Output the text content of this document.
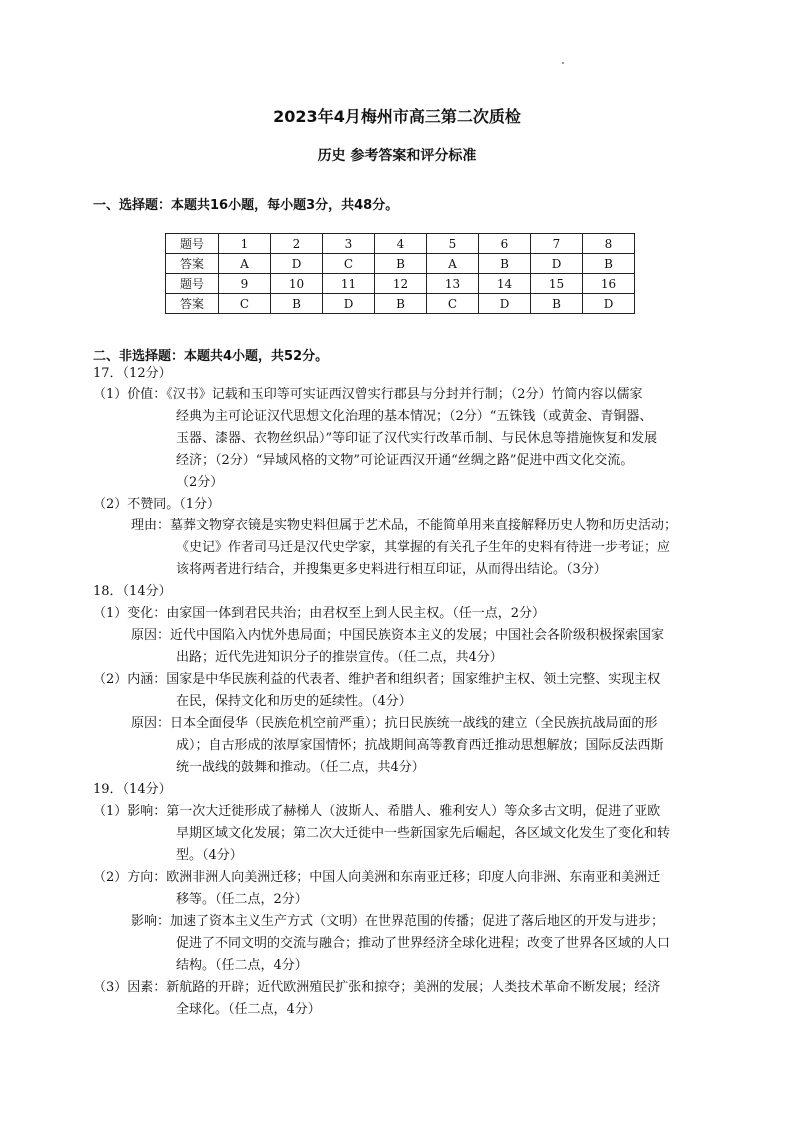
2023年4月梅州市高三第二次质检
历史 参考答案和评分标准
一、选择题：本题共16小题，每小题3分，共48分。
题号	1	2	3	4	5	6	7	8
答案	A	D	C	B	A	B	D	B
题号	9	10	11	12	13	14	15	16
答案	C	B	D	B	C	D	B	D
二、非选择题：本题共4小题，共52分。
17．（12分）
（1）价值：《汉书》记载和玉印等可实证西汉曾实行郡县与分封并行制；（2分）竹简内容以儒家
经典为主可论证汉代思想文化治理的基本情况；（2分）“五铢钱（或黄金、青铜器、
玉器、漆器、衣物丝织品）”等印证了汉代实行改革币制、与民休息等措施恢复和发展
经济；（2分）“异域风格的文物”可论证西汉开通“丝绸之路”促进中西文化交流。
（2分）
（2）不赞同。（1分）
理由：墓葬文物穿衣镜是实物史料但属于艺术品，不能简单用来直接解释历史人物和历史活动；
《史记》作者司马迁是汉代史学家，其掌握的有关孔子生年的史料有待进一步考证；应
该将两者进行结合，并搜集更多史料进行相互印证，从而得出结论。（3分）
18．（14分）
（1）变化：由家国一体到君民共治；由君权至上到人民主权。（任一点，2分）
原因：近代中国陷入内忧外患局面；中国民族资本主义的发展；中国社会各阶级积极探索国家
出路；近代先进知识分子的推崇宣传。（任二点，共4分）
（2）内涵：国家是中华民族利益的代表者、维护者和组织者；国家维护主权、领土完整、实现主权
在民，保持文化和历史的延续性。（4分）
原因：日本全面侵华（民族危机空前严重）；抗日民族统一战线的建立（全民族抗战局面的形
成）；自古形成的浓厚家国情怀；抗战期间高等教育西迁推动思想解放；国际反法西斯
统一战线的鼓舞和推动。（任二点，共4分）
19．（14分）
（1）影响：第一次大迁徙形成了赫梯人（波斯人、希腊人、雅利安人）等众多古文明，促进了亚欧
早期区域文化发展；第二次大迁徙中一些新国家先后崛起，各区域文化发生了变化和转
型。（4分）
（2）方向：欧洲非洲人向美洲迁移；中国人向美洲和东南亚迁移；印度人向非洲、东南亚和美洲迁
移等。（任二点，2分）
影响：加速了资本主义生产方式（文明）在世界范围的传播；促进了落后地区的开发与进步；
促进了不同文明的交流与融合；推动了世界经济全球化进程；改变了世界各区域的人口
结构。（任二点，4分）
（3）因素：新航路的开辟；近代欧洲殖民扩张和掠夺；美洲的发展；人类技术革命不断发展；经济
全球化。（任二点，4分）
